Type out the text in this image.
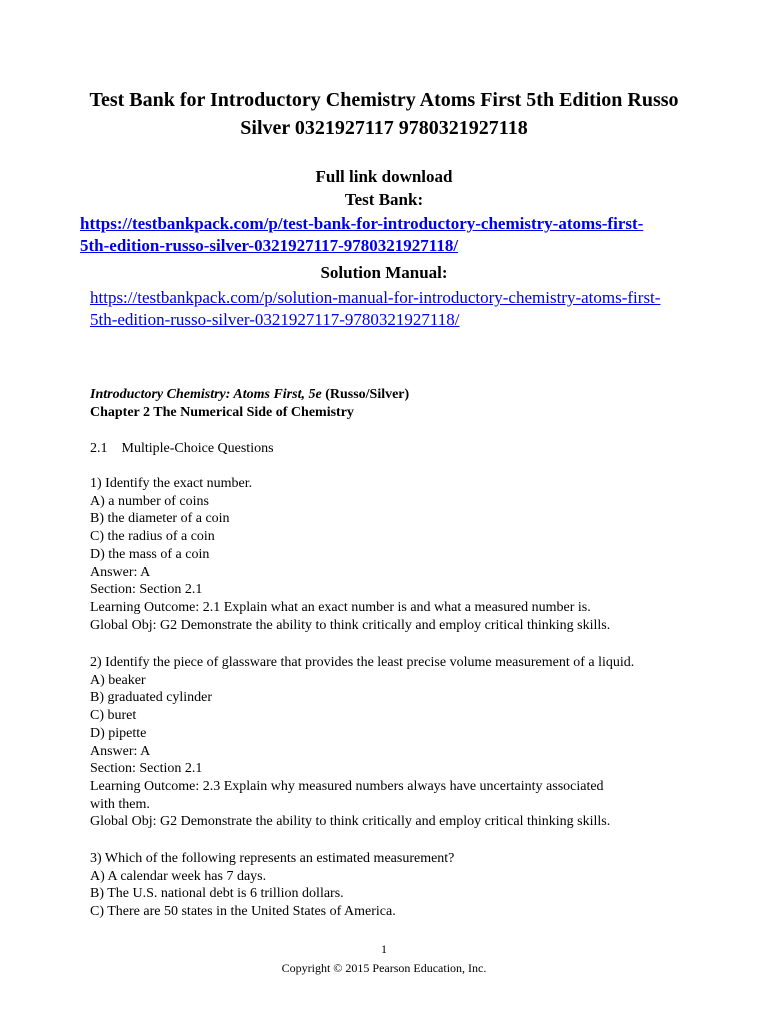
Test Bank for Introductory Chemistry Atoms First 5th Edition Russo
Silver 0321927117 9780321927118

Full link download

Test Bank:

https://testbankpack.com/p/test-bank-for-introductory-chemistry-atoms-first-
5th-edition-russo-silver-0321927117-9780321927118/

Solution Manual:

https://testbankpack.com/p/solution-manual-for-introductory-chemistry-atoms-first-
5th-edition-russo-silver-0321927117-9780321927118/
Introductory Chemistry: Atoms First, 5e (Russo/Silver)
Chapter 2 The Numerical Side of Chemistry

2.1    Multiple-Choice Questions

1) Identify the exact number.
A) a number of coins
B) the diameter of a coin
C) the radius of a coin
D) the mass of a coin
Answer: A
Section: Section 2.1
Learning Outcome: 2.1 Explain what an exact number is and what a measured number is.
Global Obj: G2 Demonstrate the ability to think critically and employ critical thinking skills.
2) Identify the piece of glassware that provides the least precise volume measurement of a liquid.
A) beaker
B) graduated cylinder
C) buret
D) pipette
Answer: A
Section: Section 2.1
Learning Outcome: 2.3 Explain why measured numbers always have uncertainty associated
with them.
Global Obj: G2 Demonstrate the ability to think critically and employ critical thinking skills.
3) Which of the following represents an estimated measurement?
A) A calendar week has 7 days.
B) The U.S. national debt is 6 trillion dollars.
C) There are 50 states in the United States of America.

1

Copyright © 2015 Pearson Education, Inc.
